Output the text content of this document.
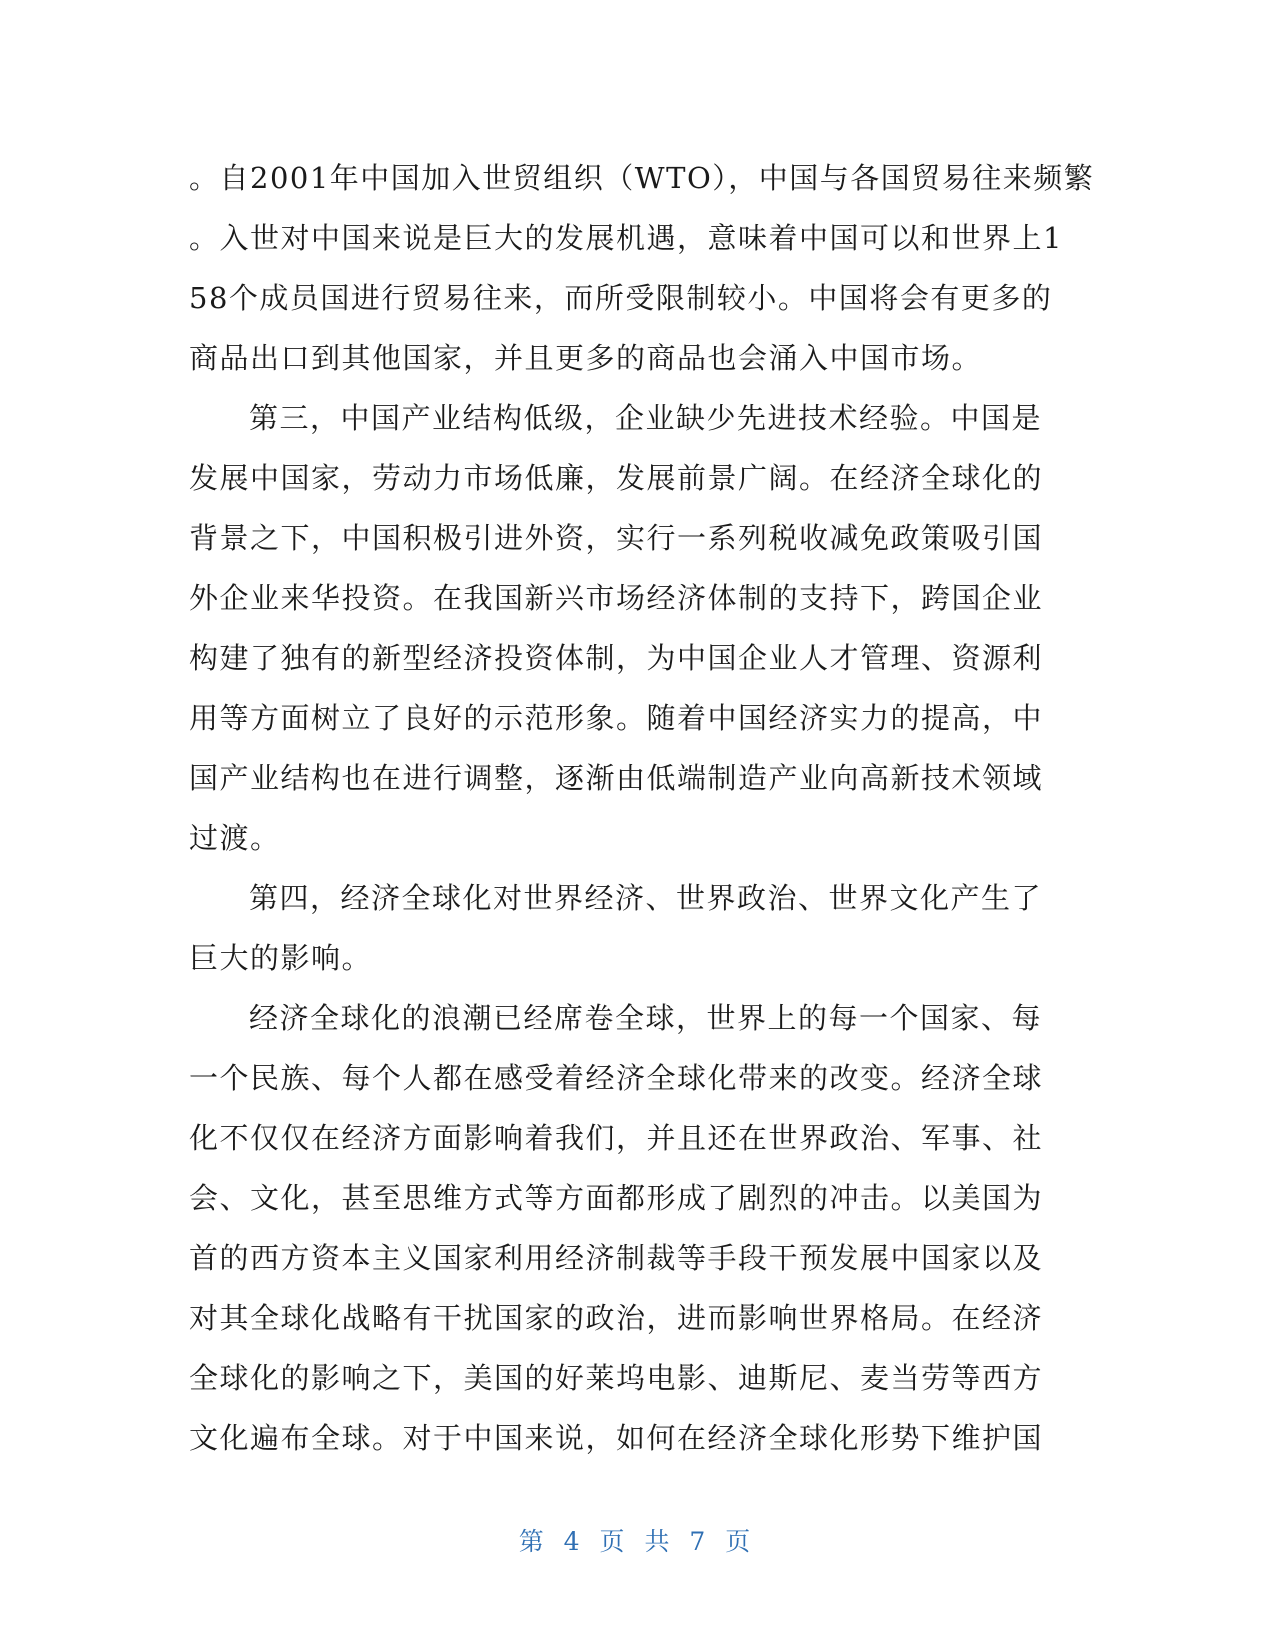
。自2001年中国加入世贸组织（WTO），中国与各国贸易往来频繁
。入世对中国来说是巨大的发展机遇，意味着中国可以和世界上1
58个成员国进行贸易往来，而所受限制较小。中国将会有更多的
商品出口到其他国家，并且更多的商品也会涌入中国市场。
第三，中国产业结构低级，企业缺少先进技术经验。中国是
发展中国家，劳动力市场低廉，发展前景广阔。在经济全球化的
背景之下，中国积极引进外资，实行一系列税收减免政策吸引国
外企业来华投资。在我国新兴市场经济体制的支持下，跨国企业
构建了独有的新型经济投资体制，为中国企业人才管理、资源利
用等方面树立了良好的示范形象。随着中国经济实力的提高，中
国产业结构也在进行调整，逐渐由低端制造产业向高新技术领域
过渡。
第四，经济全球化对世界经济、世界政治、世界文化产生了
巨大的影响。
经济全球化的浪潮已经席卷全球，世界上的每一个国家、每
一个民族、每个人都在感受着经济全球化带来的改变。经济全球
化不仅仅在经济方面影响着我们，并且还在世界政治、军事、社
会、文化，甚至思维方式等方面都形成了剧烈的冲击。以美国为
首的西方资本主义国家利用经济制裁等手段干预发展中国家以及
对其全球化战略有干扰国家的政治，进而影响世界格局。在经济
全球化的影响之下，美国的好莱坞电影、迪斯尼、麦当劳等西方
文化遍布全球。对于中国来说，如何在经济全球化形势下维护国
第 4 页 共 7 页
